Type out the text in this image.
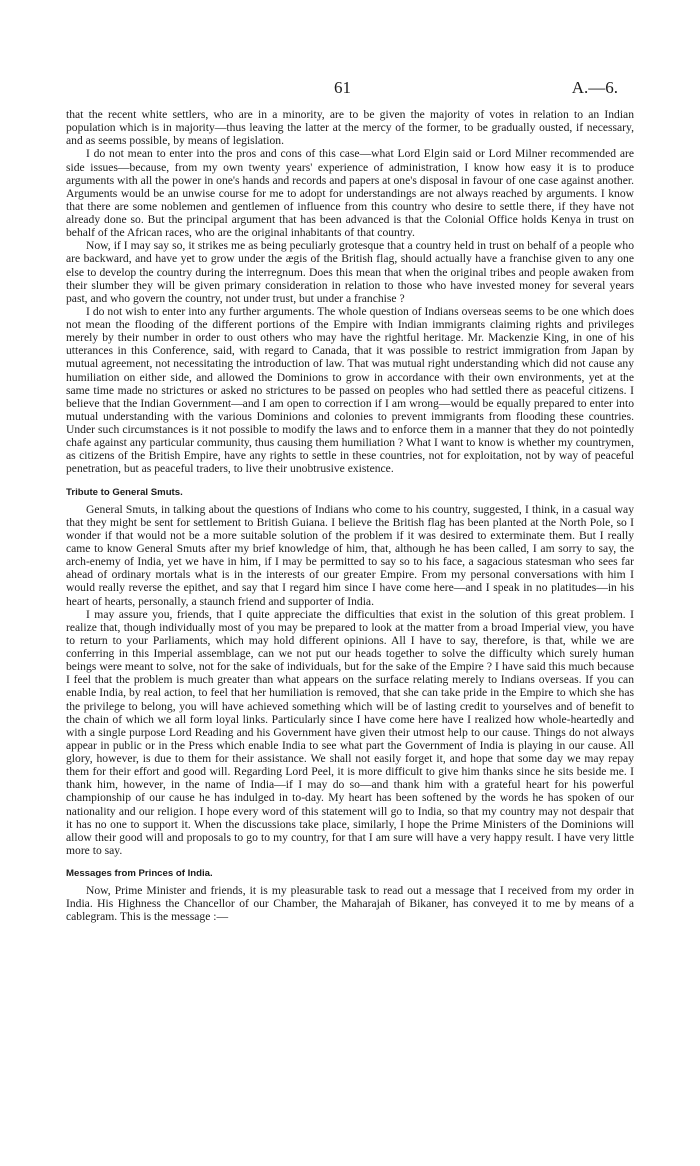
61	A.—6.

that the recent white settlers, who are in a minority, are to be given the majority of votes in relation to an Indian population which is in majority—thus leaving the latter at the mercy of the former, to be gradually ousted, if necessary, and as seems possible, by means of legislation.

I do not mean to enter into the pros and cons of this case—what Lord Elgin said or Lord Milner recommended are side issues—because, from my own twenty years' experience of administration, I know how easy it is to produce arguments with all the power in one's hands and records and papers at one's disposal in favour of one case against another. Arguments would be an unwise course for me to adopt for understandings are not always reached by arguments. I know that there are some noblemen and gentlemen of influence from this country who desire to settle there, if they have not already done so. But the principal argument that has been advanced is that the Colonial Office holds Kenya in trust on behalf of the African races, who are the original inhabitants of that country.

Now, if I may say so, it strikes me as being peculiarly grotesque that a country held in trust on behalf of a people who are backward, and have yet to grow under the ægis of the British flag, should actually have a franchise given to any one else to develop the country during the interregnum. Does this mean that when the original tribes and people awaken from their slumber they will be given primary consideration in relation to those who have invested money for several years past, and who govern the country, not under trust, but under a franchise ?

I do not wish to enter into any further arguments. The whole question of Indians overseas seems to be one which does not mean the flooding of the different portions of the Empire with Indian immigrants claiming rights and privileges merely by their number in order to oust others who may have the rightful heritage. Mr. Mackenzie King, in one of his utterances in this Conference, said, with regard to Canada, that it was possible to restrict immigration from Japan by mutual agreement, not necessitating the introduction of law. That was mutual right understanding which did not cause any humiliation on either side, and allowed the Dominions to grow in accordance with their own environments, yet at the same time made no strictures or asked no strictures to be passed on peoples who had settled there as peaceful citizens. I believe that the Indian Government—and I am open to correction if I am wrong—would be equally prepared to enter into mutual understanding with the various Dominions and colonies to prevent immigrants from flooding these countries. Under such circumstances is it not possible to modify the laws and to enforce them in a manner that they do not pointedly chafe against any particular community, thus causing them humiliation ? What I want to know is whether my countrymen, as citizens of the British Empire, have any rights to settle in these countries, not for exploitation, not by way of peaceful penetration, but as peaceful traders, to live their unobtrusive existence.

Tribute to General Smuts.

General Smuts, in talking about the questions of Indians who come to his country, suggested, I think, in a casual way that they might be sent for settlement to British Guiana. I believe the British flag has been planted at the North Pole, so I wonder if that would not be a more suitable solution of the problem if it was desired to exterminate them. But I really came to know General Smuts after my brief knowledge of him, that, although he has been called, I am sorry to say, the arch-enemy of India, yet we have in him, if I may be permitted to say so to his face, a sagacious statesman who sees far ahead of ordinary mortals what is in the interests of our greater Empire. From my personal conversations with him I would really reverse the epithet, and say that I regard him since I have come here—and I speak in no platitudes—in his heart of hearts, personally, a staunch friend and supporter of India.

I may assure you, friends, that I quite appreciate the difficulties that exist in the solution of this great problem. I realize that, though individually most of you may be prepared to look at the matter from a broad Imperial view, you have to return to your Parliaments, which may hold different opinions. All I have to say, therefore, is that, while we are conferring in this Imperial assemblage, can we not put our heads together to solve the difficulty which surely human beings were meant to solve, not for the sake of individuals, but for the sake of the Empire ? I have said this much because I feel that the problem is much greater than what appears on the surface relating merely to Indians overseas. If you can enable India, by real action, to feel that her humiliation is removed, that she can take pride in the Empire to which she has the privilege to belong, you will have achieved something which will be of lasting credit to yourselves and of benefit to the chain of which we all form loyal links. Particularly since I have come here have I realized how whole-heartedly and with a single purpose Lord Reading and his Government have given their utmost help to our cause. Things do not always appear in public or in the Press which enable India to see what part the Government of India is playing in our cause. All glory, however, is due to them for their assistance. We shall not easily forget it, and hope that some day we may repay them for their effort and good will. Regarding Lord Peel, it is more difficult to give him thanks since he sits beside me. I thank him, however, in the name of India—if I may do so—and thank him with a grateful heart for his powerful championship of our cause he has indulged in to-day. My heart has been softened by the words he has spoken of our nationality and our religion. I hope every word of this statement will go to India, so that my country may not despair that it has no one to support it. When the discussions take place, similarly, I hope the Prime Ministers of the Dominions will allow their good will and proposals to go to my country, for that I am sure will have a very happy result. I have very little more to say.

Messages from Princes of India.

Now, Prime Minister and friends, it is my pleasurable task to read out a message that I received from my order in India. His Highness the Chancellor of our Chamber, the Maharajah of Bikaner, has conveyed it to me by means of a cablegram. This is the message :—
